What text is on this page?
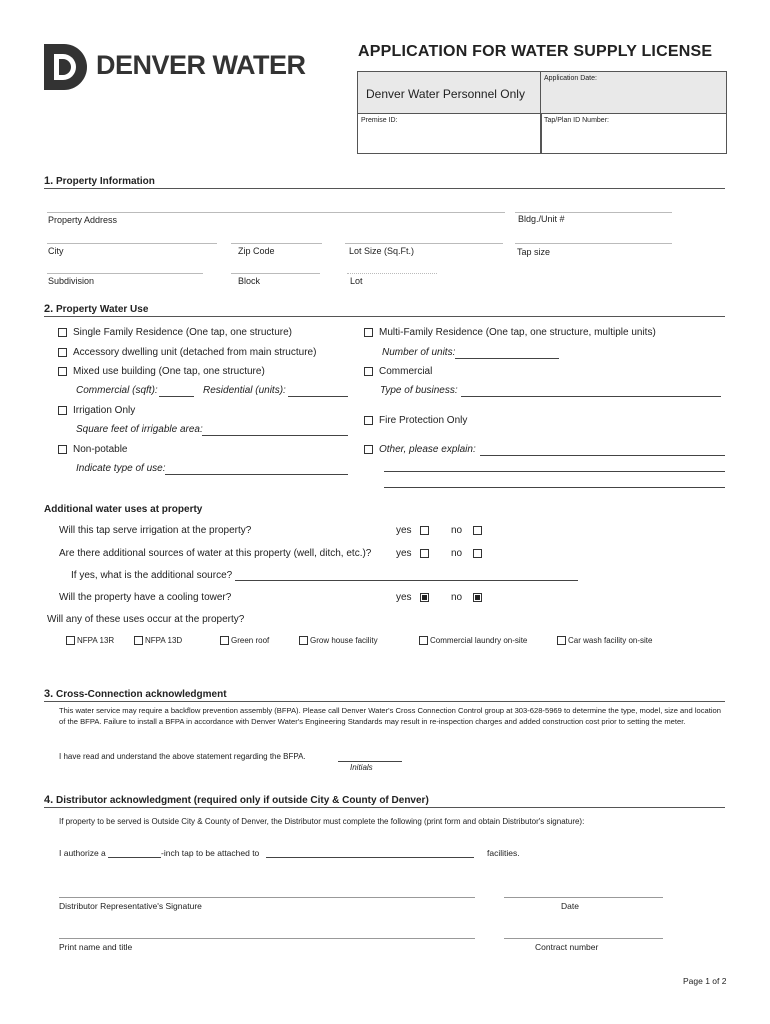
DENVER WATER	APPLICATION FOR WATER SUPPLY LICENSE
Denver Water Personnel Only
Application Date:
Premise ID:	Tap/Plan ID Number:
1. Property Information
Property Address	Bldg./Unit #
City	Zip Code	Lot Size (Sq.Ft.)	Tap size
Subdivision	Block	Lot
2. Property Water Use
Single Family Residence (One tap, one structure)
Accessory dwelling unit (detached from main structure)
Mixed use building (One tap, one structure)
Commercial (sqft):	Residential (units):
Irrigation Only
Square feet of irrigable area:
Non-potable
Indicate type of use:
Multi-Family Residence (One tap, one structure, multiple units)
Number of units:
Commercial
Type of business:
Fire Protection Only
Other, please explain:
Additional water uses at property
Will this tap serve irrigation at the property?	yes	no
Are there additional sources of water at this property (well, ditch, etc.)? yes	no
If yes, what is the additional source?
Will the property have a cooling tower?	yes	no
Will any of these uses occur at the property?
NFPA 13R	NFPA 13D	Green roof	Grow house facility	Commercial laundry on-site	Car wash facility on-site
3. Cross-Connection acknowledgment
This water service may require a backflow prevention assembly (BFPA). Please call Denver Water's Cross Connection Control group at 303-628-5969 to determine the type, model, size and location of the BFPA. Failure to install a BFPA in accordance with Denver Water's Engineering Standards may result in re-inspection charges and added construction cost prior to setting the meter.
I have read and understand the above statement regarding the BFPA.
Initials
4. Distributor acknowledgment (required only if outside City & County of Denver)
If property to be served is Outside City & County of Denver, the Distributor must complete the following (print form and obtain Distributor's signature):
I authorize a	-inch tap to be attached to	facilities.
Distributor Representative's Signature	Date
Print name and title	Contract number
Page 1 of 2
